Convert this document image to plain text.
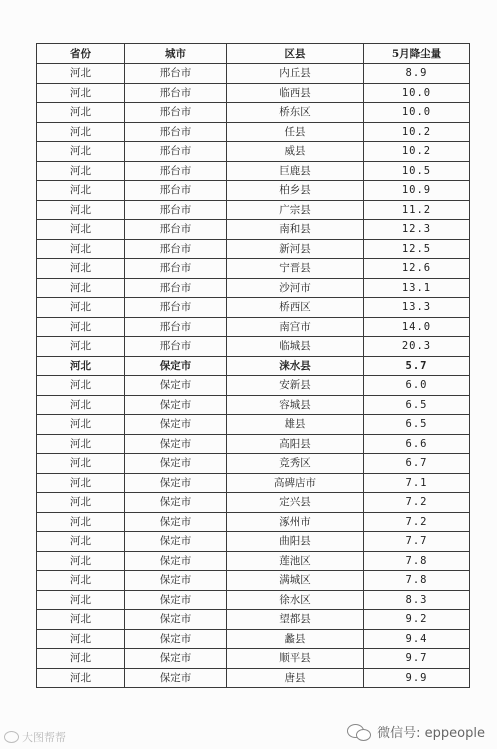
省份	城市	区县	5月降尘量
河北	邢台市	内丘县	8.9
河北	邢台市	临西县	10.0
河北	邢台市	桥东区	10.0
河北	邢台市	任县	10.2
河北	邢台市	威县	10.2
河北	邢台市	巨鹿县	10.5
河北	邢台市	柏乡县	10.9
河北	邢台市	广宗县	11.2
河北	邢台市	南和县	12.3
河北	邢台市	新河县	12.5
河北	邢台市	宁晋县	12.6
河北	邢台市	沙河市	13.1
河北	邢台市	桥西区	13.3
河北	邢台市	南宫市	14.0
河北	邢台市	临城县	20.3
河北	保定市	涞水县	5.7
河北	保定市	安新县	6.0
河北	保定市	容城县	6.5
河北	保定市	雄县	6.5
河北	保定市	高阳县	6.6
河北	保定市	竞秀区	6.7
河北	保定市	高碑店市	7.1
河北	保定市	定兴县	7.2
河北	保定市	涿州市	7.2
河北	保定市	曲阳县	7.7
河北	保定市	莲池区	7.8
河北	保定市	满城区	7.8
河北	保定市	徐水区	8.3
河北	保定市	望都县	9.2
河北	保定市	蠡县	9.4
河北	保定市	顺平县	9.7
河北	保定市	唐县	9.9
大图帮帮	微信号: eppeople
